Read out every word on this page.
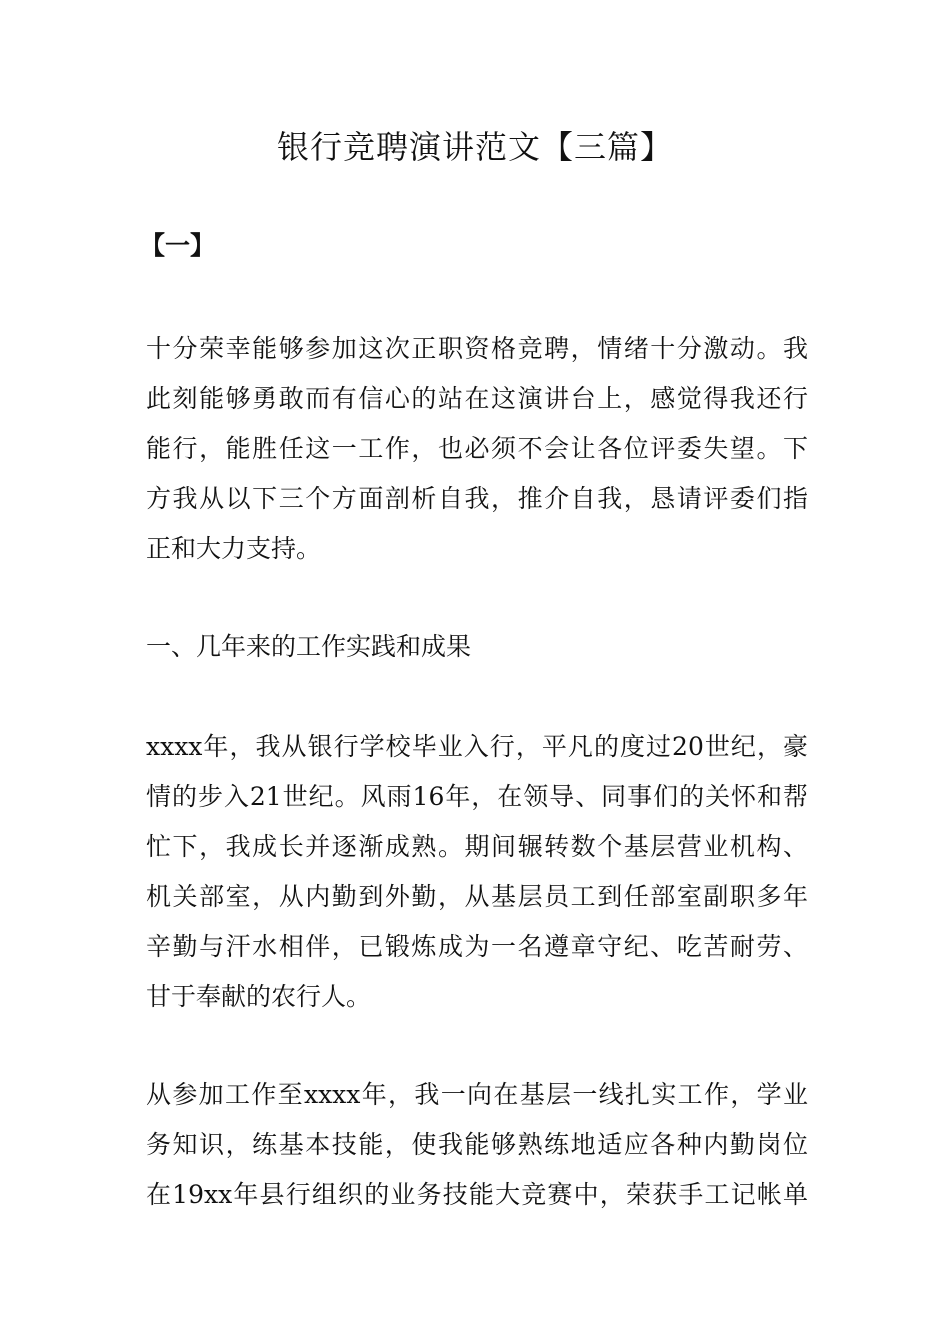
银行竞聘演讲范文【三篇】
【一】
十分荣幸能够参加这次正职资格竞聘，情绪十分激动。我
此刻能够勇敢而有信心的站在这演讲台上，感觉得我还行
能行，能胜任这一工作，也必须不会让各位评委失望。下
方我从以下三个方面剖析自我，推介自我，恳请评委们指
正和大力支持。
一、几年来的工作实践和成果
xxxx年，我从银行学校毕业入行，平凡的度过20世纪，豪
情的步入21世纪。风雨16年，在领导、同事们的关怀和帮
忙下，我成长并逐渐成熟。期间辗转数个基层营业机构、
机关部室，从内勤到外勤，从基层员工到任部室副职多年
辛勤与汗水相伴，已锻炼成为一名遵章守纪、吃苦耐劳、
甘于奉献的农行人。
从参加工作至xxxx年，我一向在基层一线扎实工作，学业
务知识，练基本技能，使我能够熟练地适应各种内勤岗位
在19xx年县行组织的业务技能大竞赛中，荣获手工记帐单
